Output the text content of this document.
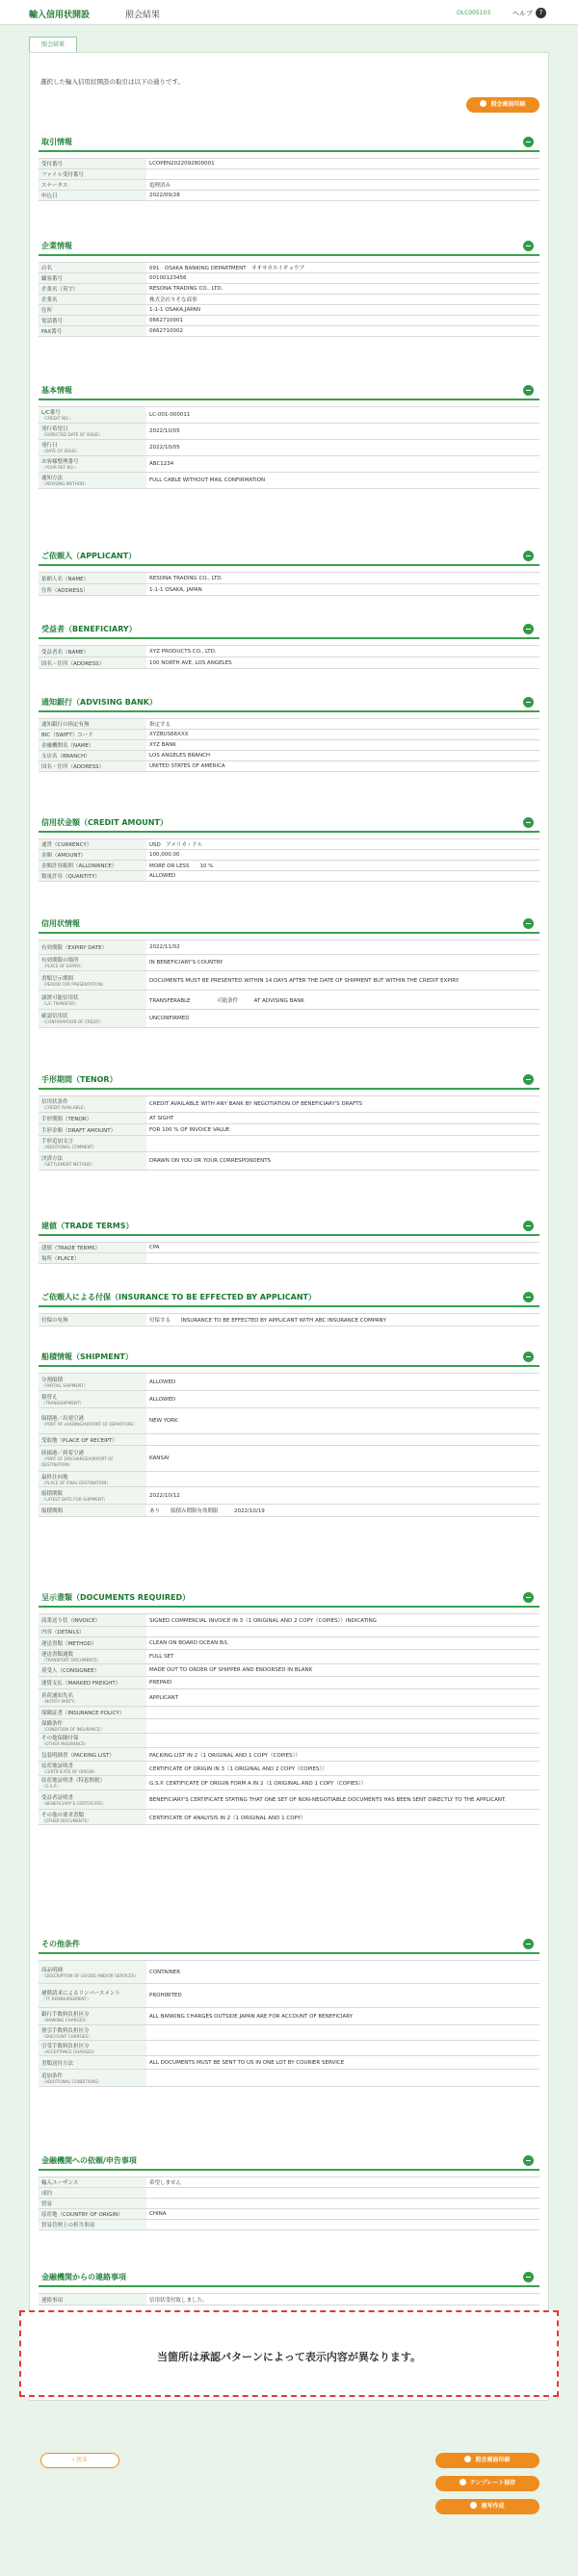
輸入信用状開設	照会結果	OLC005103	ヘルプ ?
照会結果
選択した輸入信用状開設の取引は以下の通りです。
照会画面印刷
取引情報
受付番号	LCOPEN2022092800001
ファイル受付番号

ステータス	処理済み
申込日	2022/09/28
企業情報
店名	091　OSAKA BANKING DEPARTMENT　オオサカエイギョウブ
顧客番号	00100123456
企業名（英字）	RESONA TRADING CO., LTD.
企業名	株式会社りそな商事
住所	1-1-1 OSAKA,JAPAN
電話番号	0662710001
FAX番号	0662710002
基本情報
L/C番号
（CREDIT NO.）	LC-001-000011
発行希望日
（EXPECTED DATE OF ISSUE）	2022/10/05
発行日
（DATE OF ISSUE）	2022/10/05
お客様整理番号
（YOUR REF NO.）	ABC1234
通知方法
（ADVISING METHOD）	FULL CABLE WITHOUT MAIL CONFIRMATION
ご依頼人（APPLICANT）
依頼人名（NAME）	RESONA TRADING CO., LTD.
住所（ADDRESS）	1-1-1 OSAKA, JAPAN
受益者（BENEFICIARY）
受益者名（NAME）	XYZ PRODUCTS CO., LTD.
国名・住所（ADDRESS）	100 NORTH AVE, LOS ANGELES
通知銀行（ADVISING BANK）
通知銀行の指定有無	指定する
BIC（SWIFT）コード	XYZBUS66XXX
金融機関名（NAME）	XYZ BANK
支店名（BRANCH）	LOS ANGELES BRANCH
国名・住所（ADDRESS）	UNITED STATES OF AMERICA
信用状金額（CREDIT AMOUNT）
通貨（CURRENCY）	USD　アメリカ・ドル
金額（AMOUNT）	100,000.00
金額許容範囲（ALLOWANCE）	MORE OR LESS　　10 %
数量許容（QUANTITY）	ALLOWED
信用状情報
有効期限（EXPIRY DATE）	2022/11/02
有効期限の場所
（PLACE OF EXPIRY）	IN BENEFICIARY'S COUNTRY
書類呈示期間
（PERIOD FOR PRESENTATION）	DOCUMENTS MUST BE PRESENTED WITHIN 14 DAYS AFTER THE DATE OF SHIPMENT BUT WITHIN THE CREDIT EXPIRY.
譲渡可能信用状
（L/C TRANSFER）	TRANSFERABLE　　　　　可能条件　　　AT ADVISING BANK
確認信用状
（CONFIRMATION OF CREDIT）	UNCONFIRMED
手形期間（TENOR）
信用状条件
（CREDIT AVAILABLE）	CREDIT AVAILABLE WITH ANY BANK BY NEGOTIATION OF BENEFICIARY'S DRAFTS
手形期間（TENOR）	AT SIGHT
手形金額（DRAFT AMOUNT）	FOR 100 % OF INVOICE VALUE
手形追加文言
（ADDITIONAL COMMENT）	

決済方法
（SETTLEMENT METHOD）	DRAWN ON YOU OR YOUR CORRESPONDENTS
建値（TRADE TERMS）
建値（TRADE TERMS）	CPA
場所（PLACE）

ご依頼人による付保（INSURANCE TO BE EFFECTED BY APPLICANT）
付保の有無	付保する　　INSURANCE TO BE EFFECTED BY APPLICANT WITH ABC INSURANCE COMPANY
船積情報（SHIPMENT）
分割船積
（PARTIAL SHIPMENT）	ALLOWED
積替え
（TRANSSHIPMENT）	ALLOWED
船積港／出発空港
（PORT OF LOADING/AIRPORT OF DEPARTURE）	NEW YORK
受取地（PLACE OF RECEIPT）

陸揚港／到着空港
（PORT OF DISCHARGE/AIRPORT OF DESTINATION）	KANSAI
最終仕向地
（PLACE OF FINAL DESTINATION）	

船積期限
（LATEST DATE FOR SHIPMENT）	2022/10/12
船積期間	あり　　船積み期限有効期限　　　2022/10/19
呈示書類（DOCUMENTS REQUIRED）
商業送り状（INVOICE）	SIGNED COMMERCIAL INVOICE IN 3（1 ORIGINAL AND 2 COPY（COPIES））INDICATING
内容（DETAILS）

運送書類（METHOD）	CLEAN ON BOARD OCEAN B/L
運送書類通数
（TRANSPORT DOCUMENTS）	FULL SET
荷受人（CONSIGNEE）	MADE OUT TO ORDER OF SHIPPER AND ENDORSED IN BLANK
運賃支払（MARKED FREIGHT）	PREPAID
着荷通知先名
（NOTIFY PARTY）	APPLICANT
保険証書（INSURANCE POLICY）

保険条件
（CONDITION OF INSURANCE）	

その他保険付保
（OTHER INSURANCE）	

包装明細書（PACKING LIST）	PACKING LIST IN 2（1 ORIGINAL AND 1 COPY（COPIES））
原産地証明書
（CERTIFICATE OF ORIGIN）	CERTIFICATE OF ORIGIN IN 3（1 ORIGINAL AND 2 COPY（COPIES））
原産地証明書（特恵関税）
（G.S.P.）	G.S.P. CERTIFICATE OF ORIGIN FORM A IN 2（1 ORIGINAL AND 1 COPY（COPIES））
受益者証明書
（BENEFICIARY'S CERTIFICATE）	BENEFICIARY'S CERTIFICATE STATING THAT ONE SET OF NON-NEGOTIABLE DOCUMENTS HAS BEEN SENT DIRECTLY TO THE APPLICANT.
その他の要求書類
（OTHER DOCUMENTS）	CERTIFICATE OF ANALYSIS IN 2（1 ORIGINAL AND 1 COPY）
その他条件
商品明細
（DESCRIPTION OF GOODS AND/OR SERVICES）	CONTAINER
補償請求によるリンバースメント
（TT REIMBURSEMENT）	PROHIBITED
銀行手数料負担区分
（BANKING CHARGES）	ALL BANKING CHARGES OUTSIDE JAPAN ARE FOR ACCOUNT OF BENEFICIARY
割引手数料負担区分
（DISCOUNT CHARGES）	

引受手数料負担区分
（ACCEPTANCE CHARGES）	

書類送付方法	ALL DOCUMENTS MUST BE SENT TO US IN ONE LOT BY COURIER SERVICE
追加条件
（ADDITIONAL CONDITIONS）	

金融機関への依頼/申告事項
輸入ユーザンス	希望しません
成約

貿易

原産地（COUNTRY OF ORIGIN）	CHINA
貿易管理上の担当事項

金融機関からの連絡事項
連絡事項	信用状受付致しました。
当箇所は承認パターンによって表示内容が異なります。
‹ 戻る	照会画面印刷
テンプレート保存
複写作成
